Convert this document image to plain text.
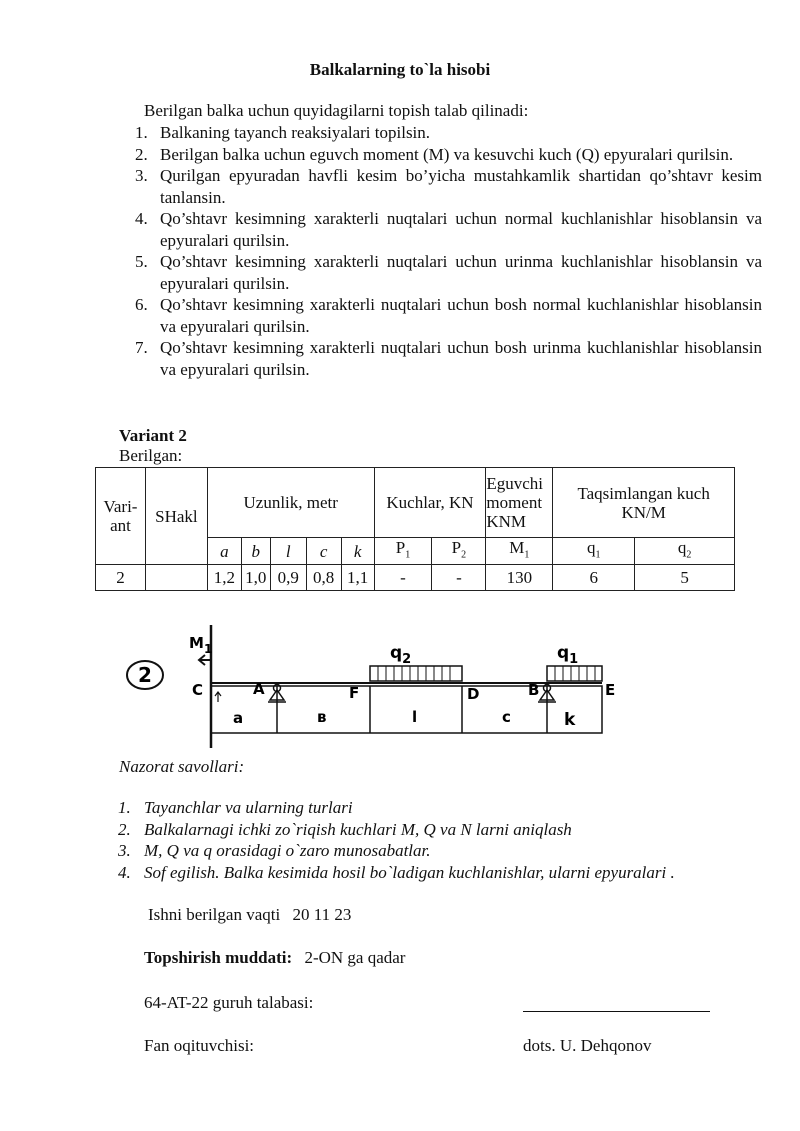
Balkalarning to`la hisobi
Berilgan balka uchun quyidagilarni topish talab qilinadi:
1. Balkaning tayanch reaksiyalari topilsin.
2. Berilgan balka uchun eguvch moment (M) va kesuvchi kuch (Q) epyuralari qurilsin.
3. Qurilgan epyuradan havfli kesim bo’yicha mustahkamlik shartidan qo’shtavr kesim tanlansin.
4. Qo’shtavr kesimning xarakterli nuqtalari uchun normal kuchlanishlar hisoblansin va epyuralari qurilsin.
5. Qo’shtavr kesimning xarakterli nuqtalari uchun urinma kuchlanishlar hisoblansin va epyuralari qurilsin.
6. Qo’shtavr kesimning xarakterli nuqtalari uchun bosh normal kuchlanishlar hisoblansin va epyuralari qurilsin.
7. Qo’shtavr kesimning xarakterli nuqtalari uchun bosh urinma kuchlanishlar hisoblansin va epyuralari qurilsin.
Variant 2
Berilgan:
Vari-ant	SHakl	Uzunlik, metr					Kuchlar, KN		Eguvchi moment KNM	Taqsimlangan kuch KN/M	
		a	b	l	c	k	$P_1$	$P_2$	$M_1$	$q_1$	$q_2$
2		1,2	1,0	0,9	0,8	1,1	-	-	130	6	5
2
$M_1$	$q_2$	$q_1$
C	A	F	D	B	E
a	в	l	c	k
Nazorat savollari:
1. Tayanchlar va ularning turlari
2. Balkalarnagi ichki zo`riqish kuchlari M, Q va N larni aniqlash
3. M, Q va q orasidagi o`zaro munosabatlar.
4. Sof egilish. Balka kesimida hosil bo`ladigan kuchlanishlar, ularni epyuralari .
Ishni berilgan vaqti 20 11 23
Topshirish muddati: 2-ON ga qadar
64-AT-22 guruh talabasi:
Fan oqituvchisi:	dots. U. Dehqonov
